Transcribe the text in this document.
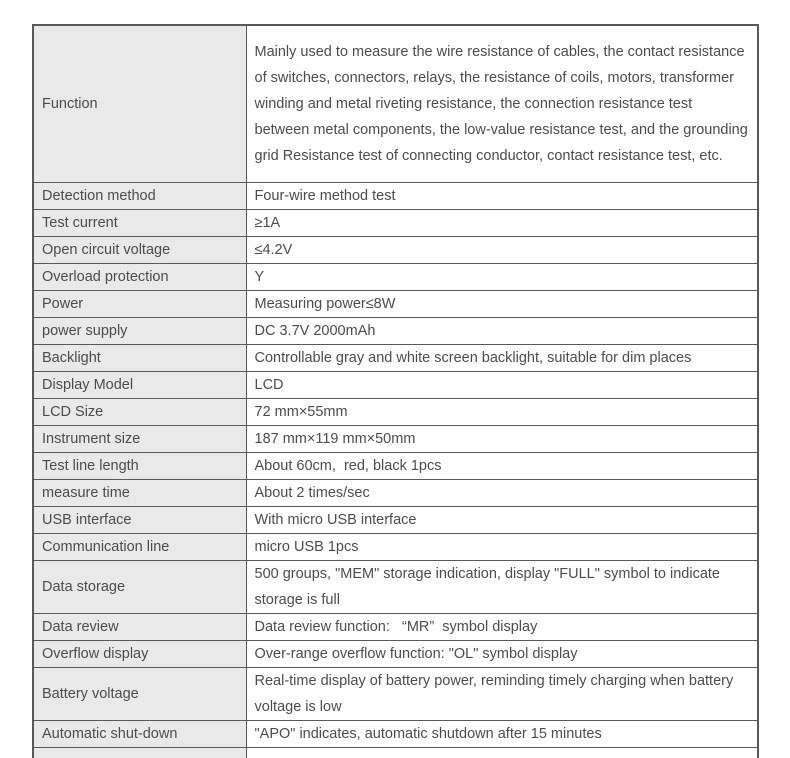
Function	Mainly used to measure the wire resistance of cables, the contact resistance of switches, connectors, relays, the resistance of coils, motors, transformer winding and metal riveting resistance, the connection resistance test between metal components, the low-value resistance test, and the grounding grid Resistance test of connecting conductor, contact resistance test, etc.
Detection method	Four-wire method test
Test current	≥1A
Open circuit voltage	≤4.2V
Overload protection	Y
Power	Measuring power≤8W
power supply	DC 3.7V 2000mAh
Backlight	Controllable gray and white screen backlight, suitable for dim places
Display Model	LCD
LCD Size	72 mm×55mm
Instrument size	187 mm×119 mm×50mm
Test line length	About 60cm,  red, black 1pcs
measure time	About 2 times/sec
USB interface	With micro USB interface
Communication line	micro USB 1pcs
Data storage	500 groups, "MEM" storage indication, display "FULL" symbol to indicate storage is full
Data review	Data review function:   “MR”  symbol display
Overflow display	Over-range overflow function: "OL" symbol display
Battery voltage	Real-time display of battery power, reminding timely charging when battery voltage is low
Automatic shut-down	"APO" indicates, automatic shutdown after 15 minutes
